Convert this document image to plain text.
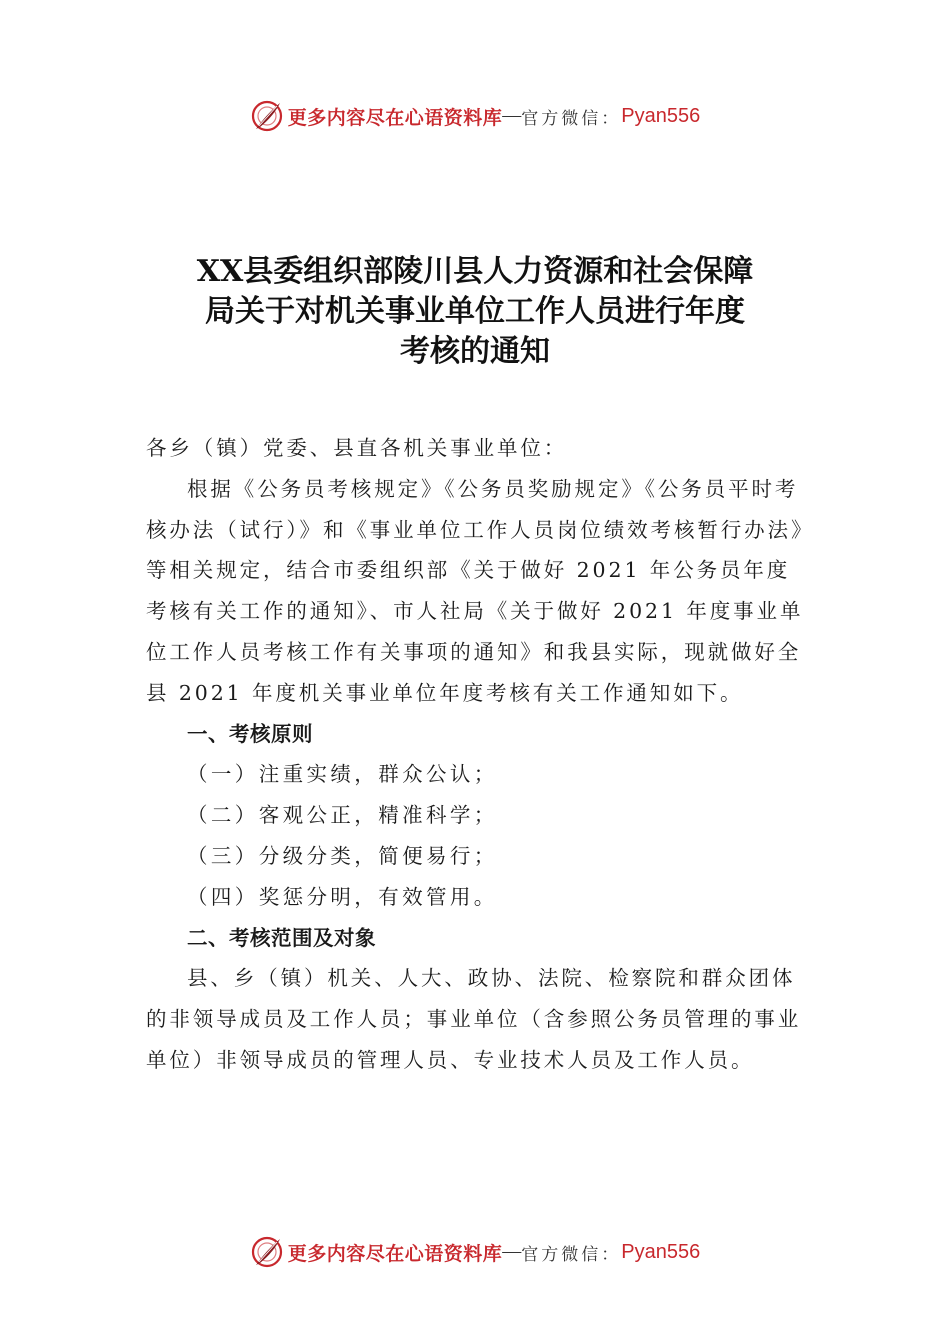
更多内容尽在心语资料库 — 官方微信： Pyan556
XX县委组织部陵川县人力资源和社会保障
局关于对机关事业单位工作人员进行年度
考核的通知

各乡（镇）党委、县直各机关事业单位：

根据《公务员考核规定》《公务员奖励规定》《公务员平时考核办法（试行）》和《事业单位工作人员岗位绩效考核暂行办法》等相关规定，结合市委组织部《关于做好 2021 年公务员年度考核有关工作的通知》、市人社局《关于做好 2021 年度事业单位工作人员考核工作有关事项的通知》和我县实际，现就做好全县 2021 年度机关事业单位年度考核有关工作通知如下。

一、考核原则

（一）注重实绩，群众公认；

（二）客观公正，精准科学；

（三）分级分类，简便易行；

（四）奖惩分明，有效管用。

二、考核范围及对象

县、乡（镇）机关、人大、政协、法院、检察院和群众团体的非领导成员及工作人员；事业单位（含参照公务员管理的事业单位）非领导成员的管理人员、专业技术人员及工作人员。

更多内容尽在心语资料库 — 官方微信： Pyan556
